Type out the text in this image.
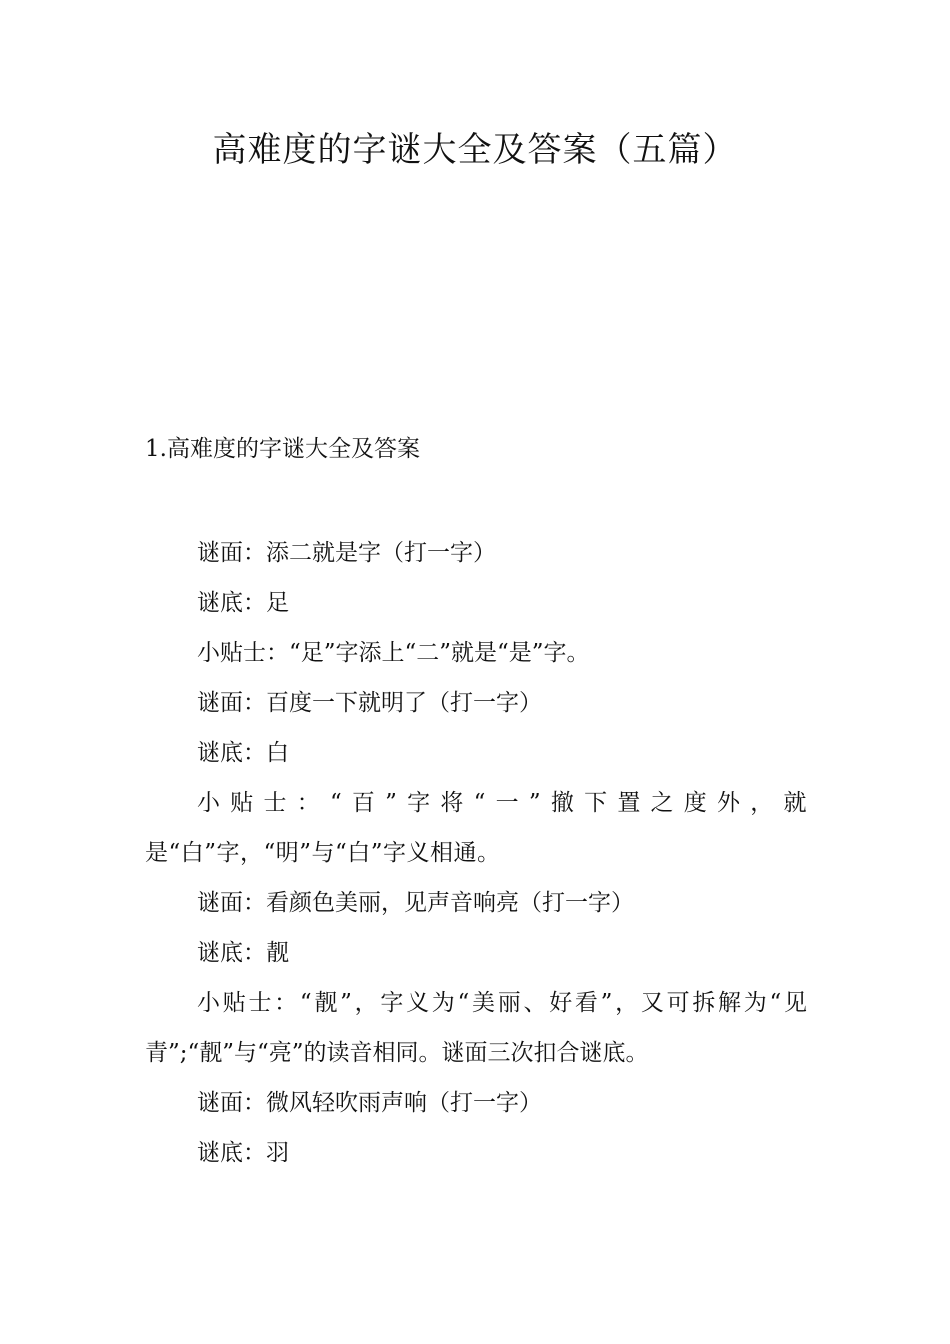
高难度的字谜大全及答案（五篇）
1.高难度的字谜大全及答案

谜面：添二就是字（打一字）

谜底：足

小贴士：“足”字添上“二”就是“是”字。

谜面：百度一下就明了（打一字）

谜底：白

小贴士：“百”字将“一”撤下置之度外，就是“白”字，“明”与“白”字义相通。

谜面：看颜色美丽，见声音响亮（打一字）

谜底：靓

小贴士：“靓”，字义为“美丽、好看”，又可拆解为“见青”;“靓”与“亮”的读音相同。谜面三次扣合谜底。

谜面：微风轻吹雨声响（打一字）

谜底：羽
